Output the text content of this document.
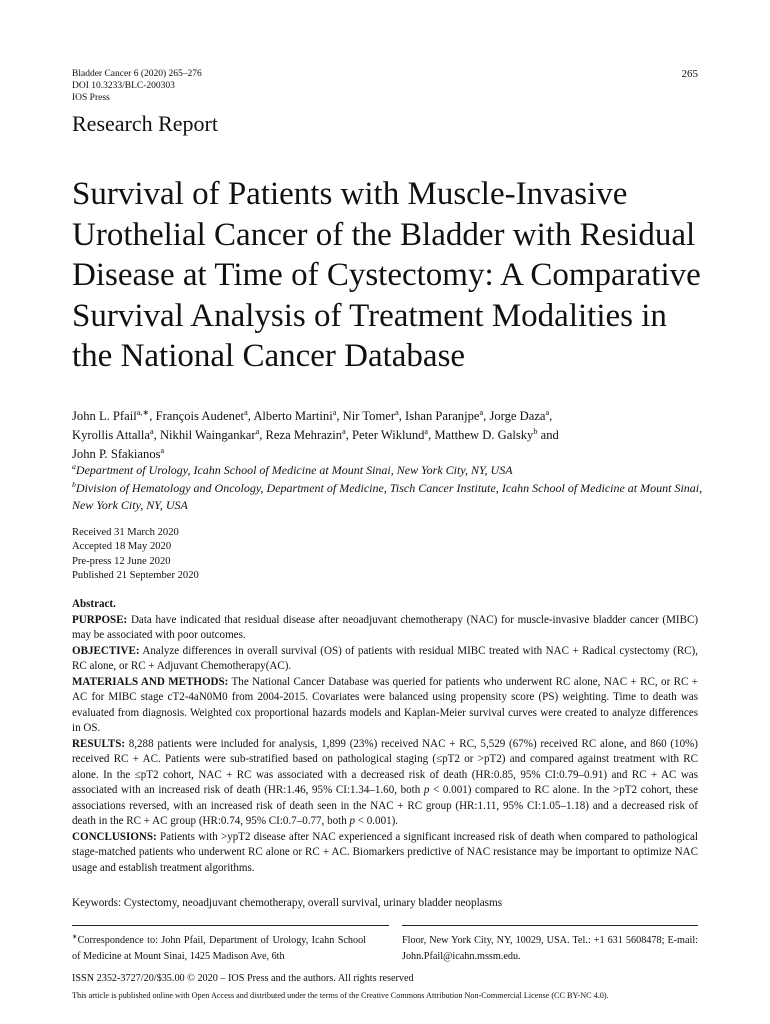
Bladder Cancer 6 (2020) 265–276
DOI 10.3233/BLC-200303
IOS Press
265
Research Report
Survival of Patients with Muscle-Invasive Urothelial Cancer of the Bladder with Residual Disease at Time of Cystectomy: A Comparative Survival Analysis of Treatment Modalities in the National Cancer Database
John L. Pfail$^{a,∗}$, François Audenet$^a$, Alberto Martini$^a$, Nir Tomer$^a$, Ishan Paranjpe$^a$, Jorge Daza$^a$,
Kyrollis Attalla$^a$, Nikhil Waingankar$^a$, Reza Mehrazin$^a$, Peter Wiklund$^a$, Matthew D. Galsky$^b$ and
John P. Sfakianos$^a$
$^a$Department of Urology, Icahn School of Medicine at Mount Sinai, New York City, NY, USA
$^b$Division of Hematology and Oncology, Department of Medicine, Tisch Cancer Institute, Icahn School of Medicine at Mount Sinai, New York City, NY, USA
Received 31 March 2020
Accepted 18 May 2020
Pre-press 12 June 2020
Published 21 September 2020

Abstract.

PURPOSE: Data have indicated that residual disease after neoadjuvant chemotherapy (NAC) for muscle-invasive bladder cancer (MIBC) may be associated with poor outcomes.

OBJECTIVE: Analyze differences in overall survival (OS) of patients with residual MIBC treated with NAC + Radical cystectomy (RC), RC alone, or RC + Adjuvant Chemotherapy(AC).

MATERIALS AND METHODS: The National Cancer Database was queried for patients who underwent RC alone, NAC + RC, or RC + AC for MIBC stage cT2-4aN0M0 from 2004-2015. Covariates were balanced using propensity score (PS) weighting. Time to death was evaluated from diagnosis. Weighted cox proportional hazards models and Kaplan-Meier survival curves were created to analyze differences in OS.

RESULTS: 8,288 patients were included for analysis, 1,899 (23%) received NAC + RC, 5,529 (67%) received RC alone, and 860 (10%) received RC + AC. Patients were sub-stratified based on pathological staging (≤pT2 or >pT2) and compared against treatment with RC alone. In the ≤pT2 cohort, NAC + RC was associated with a decreased risk of death (HR:0.85, 95% CI:0.79–0.91) and RC + AC was associated with an increased risk of death (HR:1.46, 95% CI:1.34–1.60, both p < 0.001) compared to RC alone. In the >pT2 cohort, these associations reversed, with an increased risk of death seen in the NAC + RC group (HR:1.11, 95% CI:1.05–1.18) and a decreased risk of death in the RC + AC group (HR:0.74, 95% CI:0.7–0.77, both p < 0.001).

CONCLUSIONS: Patients with >ypT2 disease after NAC experienced a significant increased risk of death when compared to pathological stage-matched patients who underwent RC alone or RC + AC. Biomarkers predictive of NAC resistance may be important to optimize NAC usage and establish treatment algorithms.

Keywords: Cystectomy, neoadjuvant chemotherapy, overall survival, urinary bladder neoplasms
∗Correspondence to: John Pfail, Department of Urology, Icahn School of Medicine at Mount Sinai, 1425 Madison Ave, 6th
Floor, New York City, NY, 10029, USA. Tel.: +1 631 5608478; E-mail: John.Pfail@icahn.mssm.edu.
ISSN 2352-3727/20/$35.00 © 2020 – IOS Press and the authors. All rights reserved
This article is published online with Open Access and distributed under the terms of the Creative Commons Attribution Non-Commercial License (CC BY-NC 4.0).
